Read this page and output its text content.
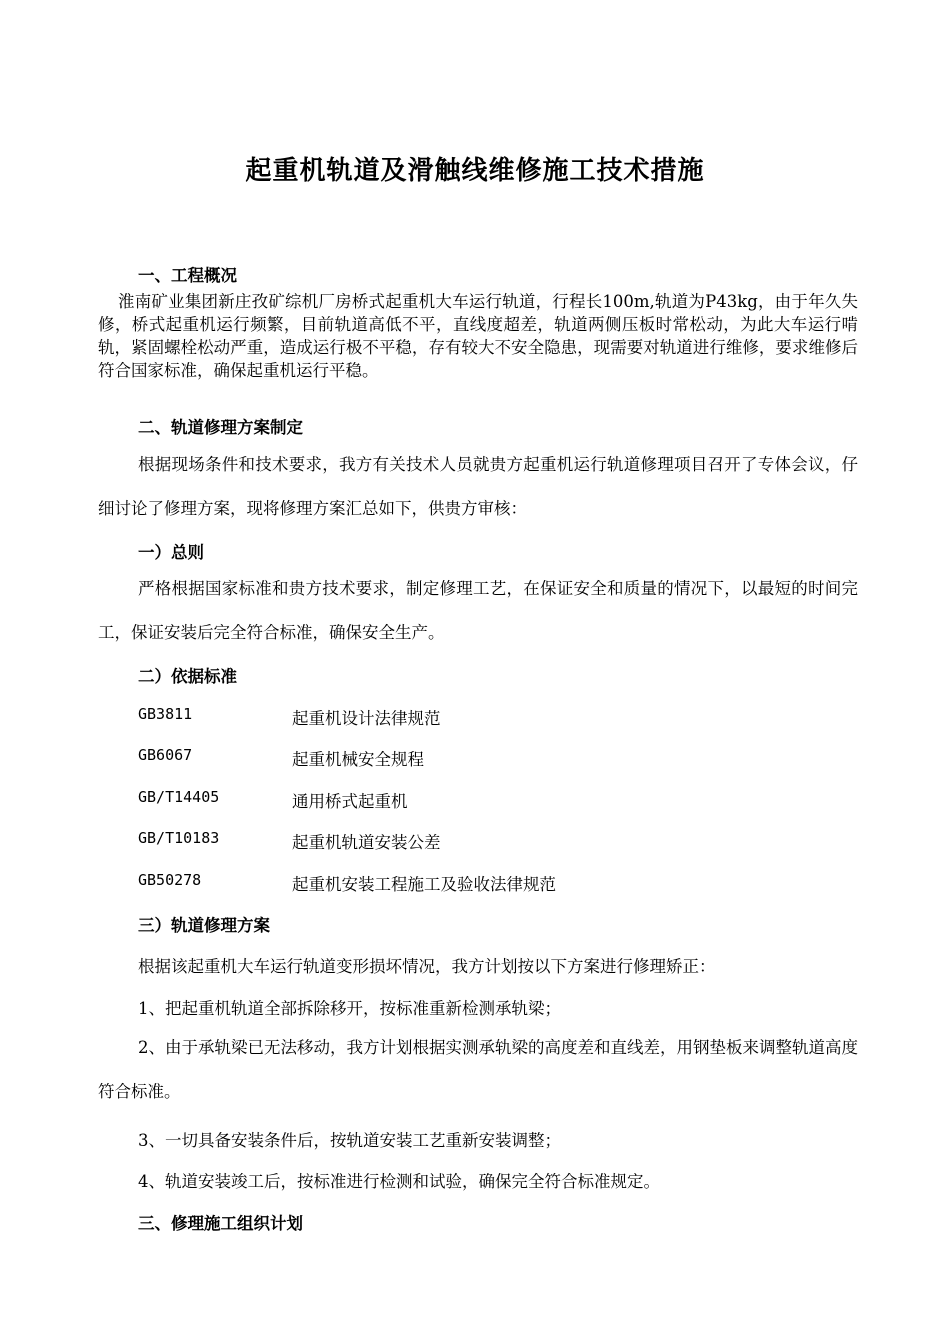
起重机轨道及滑触线维修施工技术措施
一、工程概况

淮南矿业集团新庄孜矿综机厂房桥式起重机大车运行轨道，行程长100m,轨道为P43kg，由于年久失修，桥式起重机运行频繁，目前轨道高低不平，直线度超差，轨道两侧压板时常松动，为此大车运行啃轨，紧固螺栓松动严重，造成运行极不平稳，存有较大不安全隐患，现需要对轨道进行维修，要求维修后符合国家标准，确保起重机运行平稳。

二、轨道修理方案制定

根据现场条件和技术要求，我方有关技术人员就贵方起重机运行轨道修理项目召开了专体会议，仔细讨论了修理方案，现将修理方案汇总如下，供贵方审核：

一）总则

严格根据国家标准和贵方技术要求，制定修理工艺，在保证安全和质量的情况下，以最短的时间完工，保证安装后完全符合标准，确保安全生产。

二）依据标准
GB3811	起重机设计法律规范
GB6067	起重机械安全规程
GB/T14405	通用桥式起重机
GB/T10183	起重机轨道安装公差
GB50278	起重机安装工程施工及验收法律规范
三）轨道修理方案

根据该起重机大车运行轨道变形损坏情况，我方计划按以下方案进行修理矫正：

1、把起重机轨道全部拆除移开，按标准重新检测承轨梁；

2、由于承轨梁已无法移动，我方计划根据实测承轨梁的高度差和直线差，用钢垫板来调整轨道高度符合标准。

3、一切具备安装条件后，按轨道安装工艺重新安装调整；

4、轨道安装竣工后，按标准进行检测和试验，确保完全符合标准规定。

三、修理施工组织计划
